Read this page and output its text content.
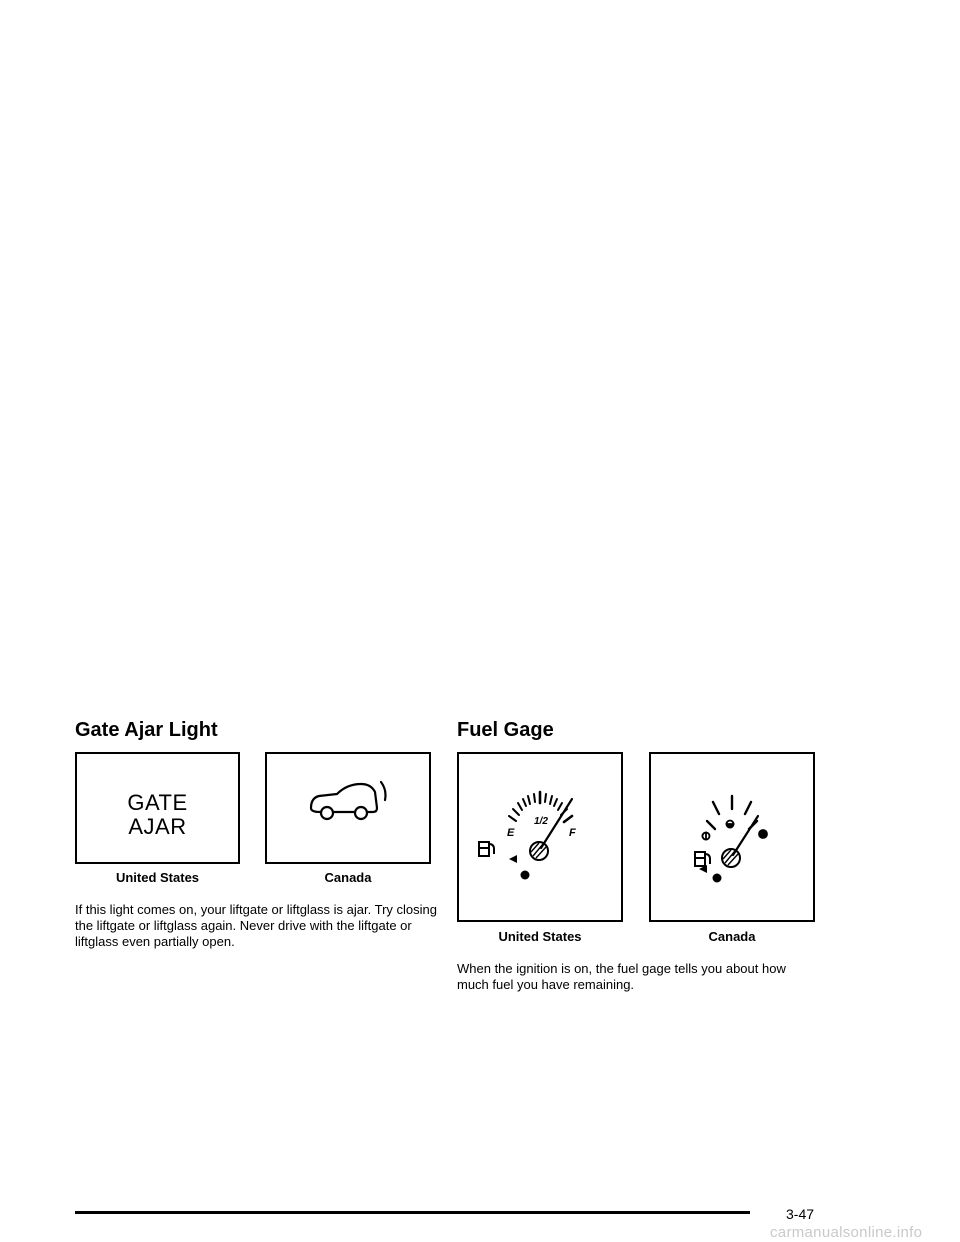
Gate Ajar Light
GATE
AJAR
United States	Canada
If this light comes on, your liftgate or liftglass is ajar. Try closing the liftgate or liftglass again. Never drive with the liftgate or liftglass even partially open.
Fuel Gage
E
1/2
F
United States	Canada
When the ignition is on, the fuel gage tells you about how much fuel you have remaining.
3-47
carmanualsonline.info
